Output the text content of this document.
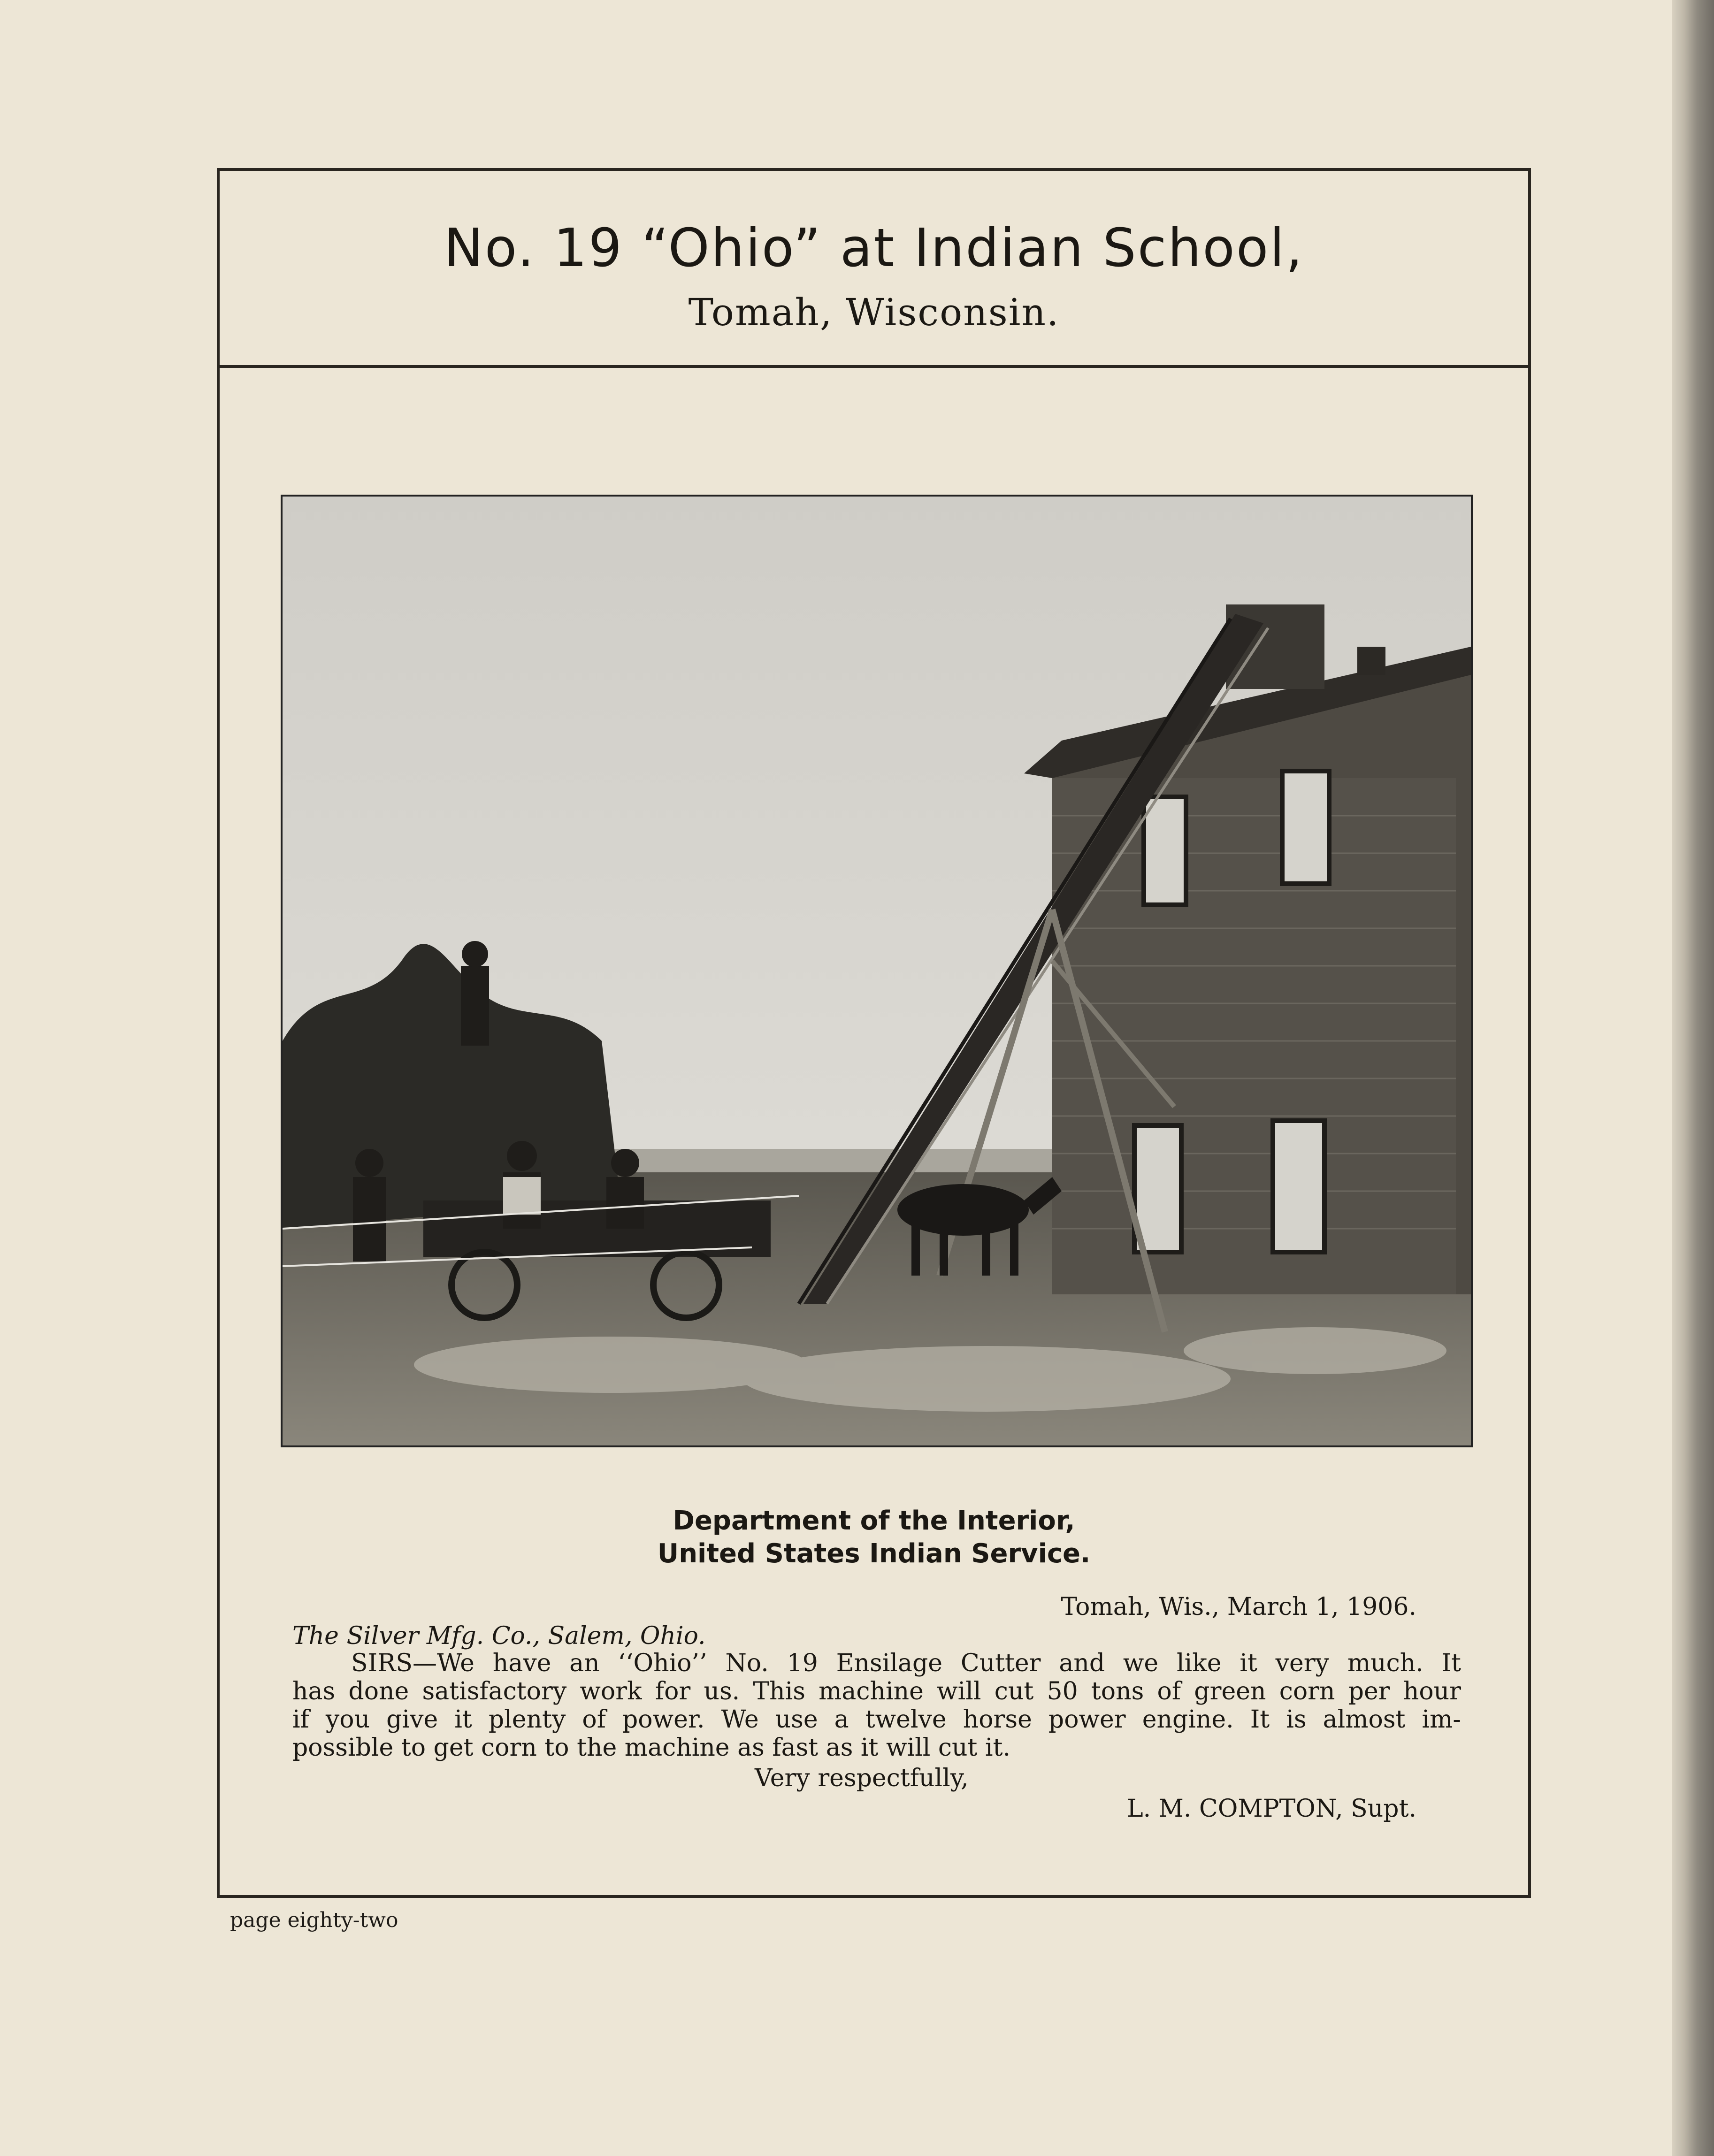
No. 19 “Ohio” at Indian School,
Tomah, Wisconsin.
Department of the Interior,
United States Indian Service.
Tomah, Wis., March 1, 1906.
The Silver Mfg. Co., Salem, Ohio.
SIRS—We have an ‘‘Ohio’’ No. 19 Ensilage Cutter and we like it very much. It
has done satisfactory work for us. This machine will cut 50 tons of green corn per hour
if you give it plenty of power. We use a twelve horse power engine. It is almost im-
possible to get corn to the machine as fast as it will cut it.
Very respectfully,
L. M. COMPTON, Supt.
page eighty-two
